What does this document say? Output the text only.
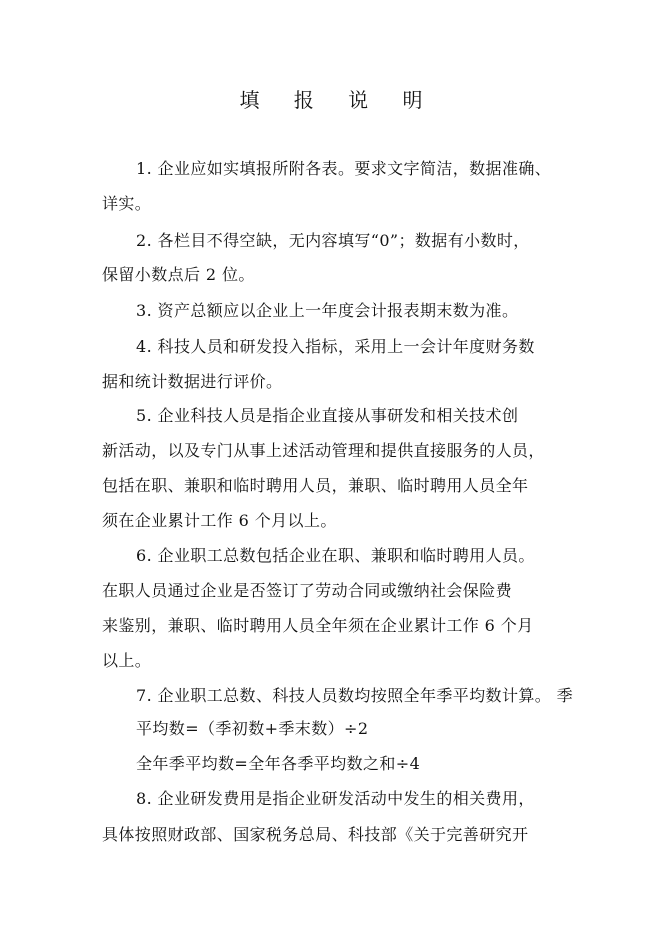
填 报 说 明
1. 企业应如实填报所附各表。要求文字简洁，数据准确、
详实。
2. 各栏目不得空缺，无内容填写“0”；数据有小数时，
保留小数点后 2 位。
3. 资产总额应以企业上一年度会计报表期末数为准。
4. 科技人员和研发投入指标，采用上一会计年度财务数
据和统计数据进行评价。
5. 企业科技人员是指企业直接从事研发和相关技术创
新活动，以及专门从事上述活动管理和提供直接服务的人员，
包括在职、兼职和临时聘用人员，兼职、临时聘用人员全年
须在企业累计工作 6 个月以上。
6. 企业职工总数包括企业在职、兼职和临时聘用人员。
在职人员通过企业是否签订了劳动合同或缴纳社会保险费
来鉴别，兼职、临时聘用人员全年须在企业累计工作 6 个月
以上。
7. 企业职工总数、科技人员数均按照全年季平均数计算。 季
平均数=（季初数+季末数）÷2
全年季平均数=全年各季平均数之和÷4
8. 企业研发费用是指企业研发活动中发生的相关费用，
具体按照财政部、国家税务总局、科技部《关于完善研究开
